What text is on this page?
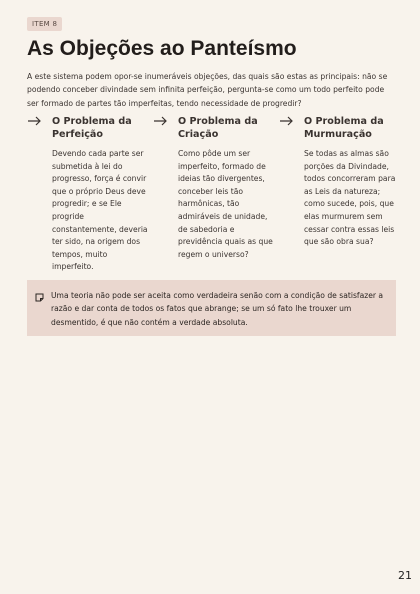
ITEM 8
As Objeções ao Panteísmo

A este sistema podem opor-se inumeráveis objeções, das quais são estas as principais: não se podendo conceber divindade sem infinita perfeição, pergunta-se como um todo perfeito pode ser formado de partes tão imperfeitas, tendo necessidade de progredir?

O Problema da Perfeição
Devendo cada parte ser submetida à lei do progresso, força é convir que o próprio Deus deve progredir; e se Ele progride constantemente, deveria ter sido, na origem dos tempos, muito imperfeito.
O Problema da Criação
Como pôde um ser imperfeito, formado de ideias tão divergentes, conceber leis tão harmônicas, tão admiráveis de unidade, de sabedoria e previdência quais as que regem o universo?
O Problema da Murmuração
Se todas as almas são porções da Divindade, todos concorreram para as Leis da natureza; como sucede, pois, que elas murmurem sem cessar contra essas leis que são obra sua?
Uma teoria não pode ser aceita como verdadeira senão com a condição de satisfazer a razão e dar conta de todos os fatos que abrange; se um só fato lhe trouxer um desmentido, é que não contém a verdade absoluta.
21
